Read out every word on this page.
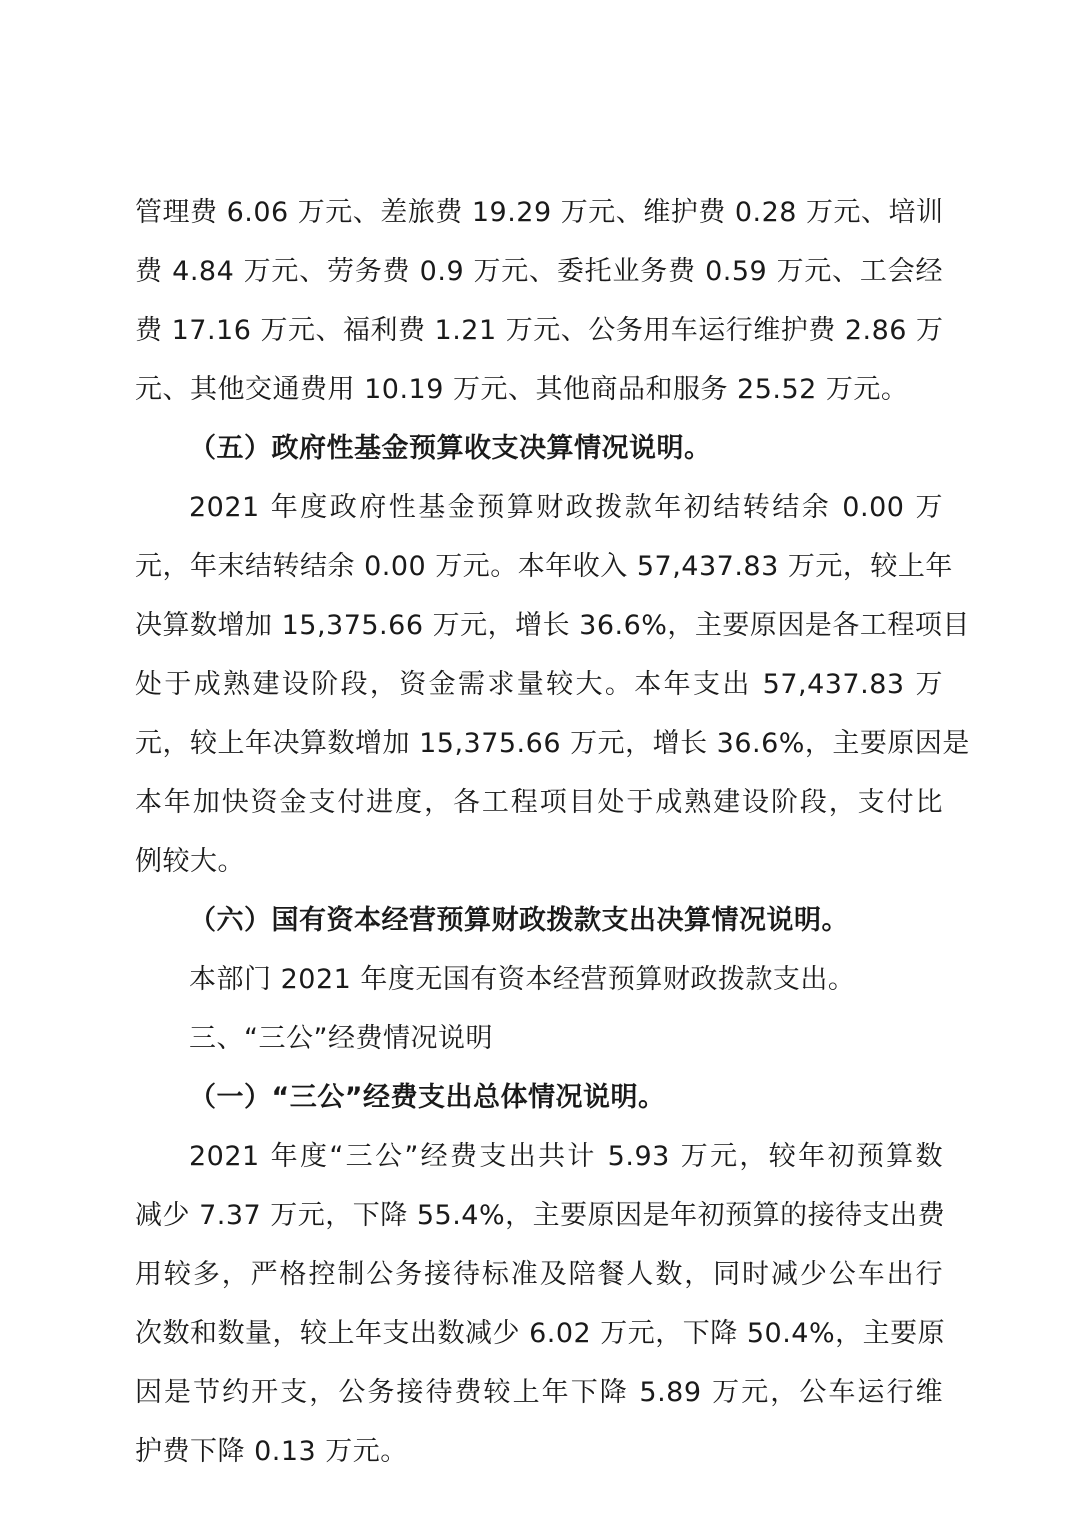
管理费 6.06 万元、差旅费 19.29 万元、维护费 0.28 万元、培训
费 4.84 万元、劳务费 0.9 万元、委托业务费 0.59 万元、工会经
费 17.16 万元、福利费 1.21 万元、公务用车运行维护费 2.86 万
元、其他交通费用 10.19 万元、其他商品和服务 25.52 万元。
（五）政府性基金预算收支决算情况说明。
2021 年度政府性基金预算财政拨款年初结转结余 0.00 万
元，年末结转结余 0.00 万元。本年收入 57,437.83 万元，较上年
决算数增加 15,375.66 万元，增长 36.6%，主要原因是各工程项目
处于成熟建设阶段，资金需求量较大。本年支出 57,437.83 万
元，较上年决算数增加 15,375.66 万元，增长 36.6%，主要原因是
本年加快资金支付进度，各工程项目处于成熟建设阶段，支付比
例较大。
（六）国有资本经营预算财政拨款支出决算情况说明。
本部门 2021 年度无国有资本经营预算财政拨款支出。
三、“三公”经费情况说明
（一）“三公”经费支出总体情况说明。
2021 年度“三公”经费支出共计 5.93 万元，较年初预算数
减少 7.37 万元，下降 55.4%，主要原因是年初预算的接待支出费
用较多，严格控制公务接待标准及陪餐人数，同时减少公车出行
次数和数量，较上年支出数减少 6.02 万元，下降 50.4%，主要原
因是节约开支，公务接待费较上年下降 5.89 万元，公车运行维
护费下降 0.13 万元。
